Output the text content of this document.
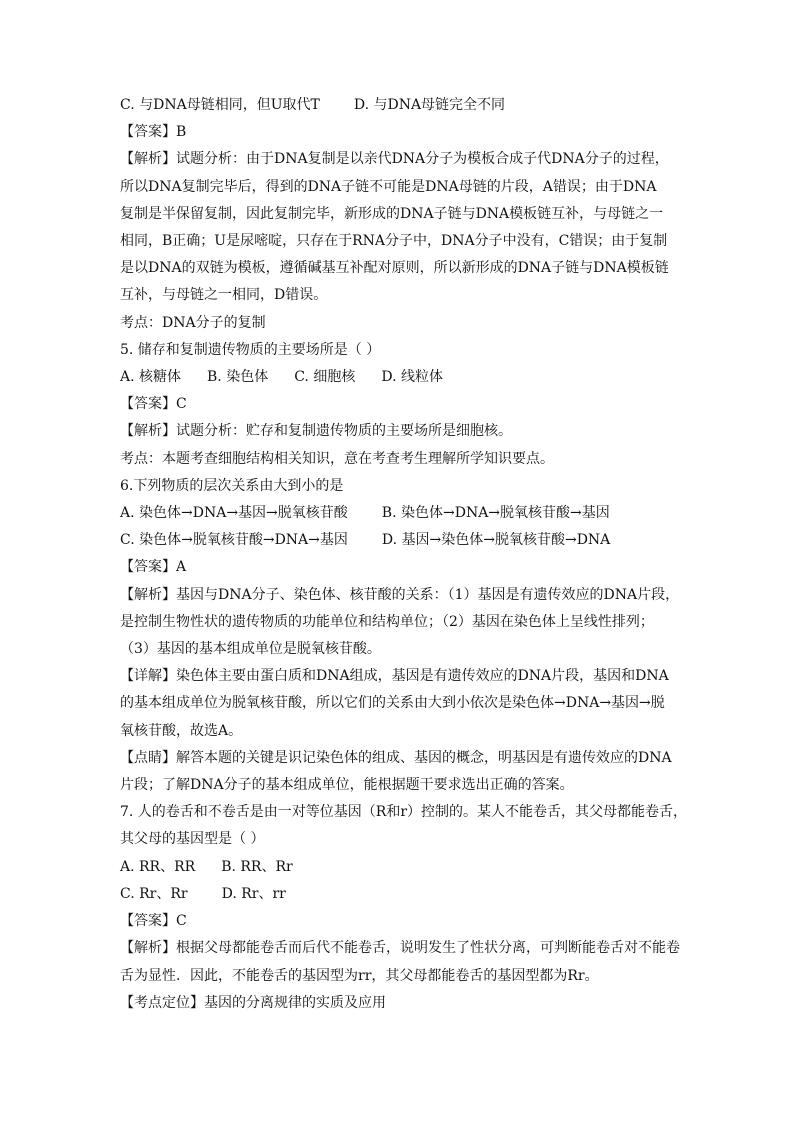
C. 与DNA母链相同，但U取代T D. 与DNA母链完全不同
【答案】B
【解析】试题分析：由于DNA复制是以亲代DNA分子为模板合成子代DNA分子的过程，
所以DNA复制完毕后，得到的DNA子链不可能是DNA母链的片段，A错误；由于DNA
复制是半保留复制，因此复制完毕，新形成的DNA子链与DNA模板链互补，与母链之一
相同，B正确；U是尿嘧啶，只存在于RNA分子中，DNA分子中没有，C错误；由于复制
是以DNA的双链为模板，遵循碱基互补配对原则，所以新形成的DNA子链与DNA模板链
互补，与母链之一相同，D错误。
考点：DNA分子的复制
5. 储存和复制遗传物质的主要场所是（ ）
A. 核糖体 B. 染色体 C. 细胞核 D. 线粒体
【答案】C
【解析】试题分析：贮存和复制遗传物质的主要场所是细胞核。
考点：本题考查细胞结构相关知识，意在考查考生理解所学知识要点。
6.下列物质的层次关系由大到小的是
A. 染色体→DNA→基因→脱氧核苷酸 B. 染色体→DNA→脱氧核苷酸→基因
C. 染色体→脱氧核苷酸→DNA→基因 D. 基因→染色体→脱氧核苷酸→DNA
【答案】A
【解析】基因与DNA分子、染色体、核苷酸的关系：（1）基因是有遗传效应的DNA片段，
是控制生物性状的遗传物质的功能单位和结构单位；（2）基因在染色体上呈线性排列；
（3）基因的基本组成单位是脱氧核苷酸。
【详解】染色体主要由蛋白质和DNA组成，基因是有遗传效应的DNA片段，基因和DNA
的基本组成单位为脱氧核苷酸，所以它们的关系由大到小依次是染色体→DNA→基因→脱
氧核苷酸，故选A。
【点睛】解答本题的关键是识记染色体的组成、基因的概念，明基因是有遗传效应的DNA
片段；了解DNA分子的基本组成单位，能根据题干要求选出正确的答案。
7. 人的卷舌和不卷舌是由一对等位基因（R和r）控制的。某人不能卷舌，其父母都能卷舌，
其父母的基因型是（ ）
A. RR、RR B. RR、Rr
C. Rr、Rr D. Rr、rr
【答案】C
【解析】根据父母都能卷舌而后代不能卷舌，说明发生了性状分离，可判断能卷舌对不能卷
舌为显性．因此，不能卷舌的基因型为rr，其父母都能卷舌的基因型都为Rr。
【考点定位】基因的分离规律的实质及应用
